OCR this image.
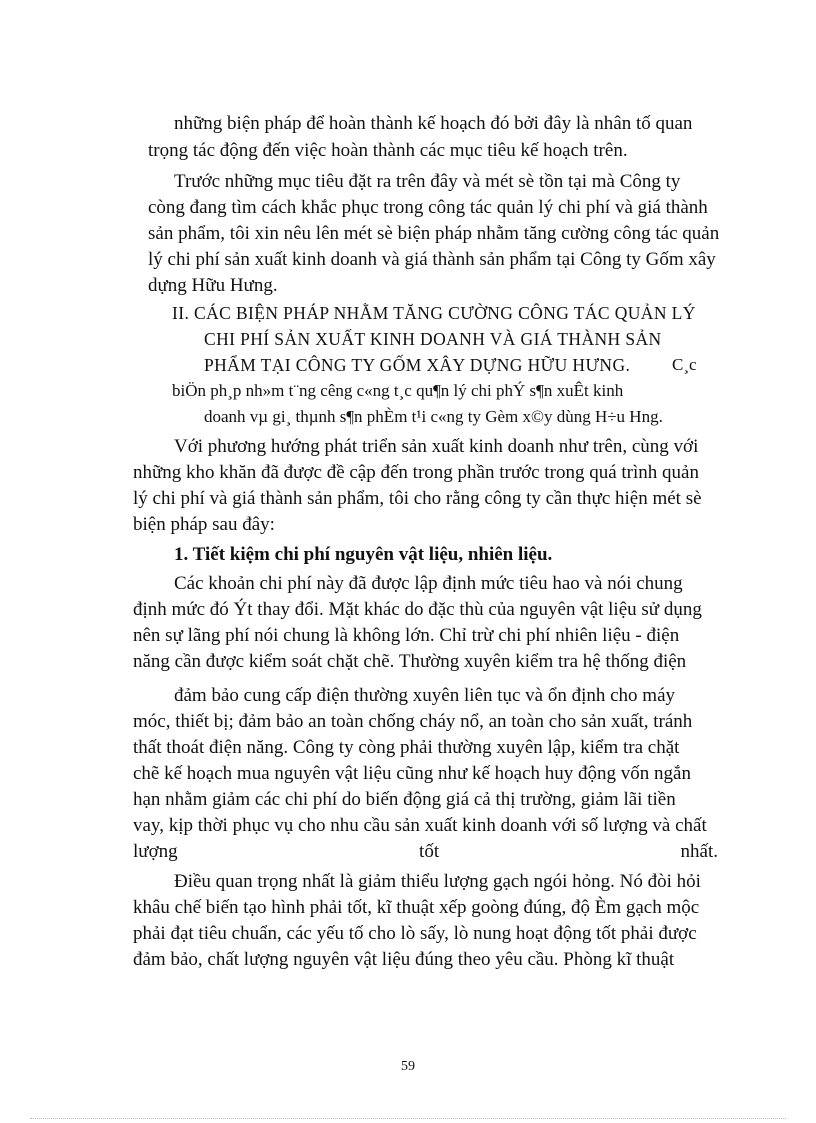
những biện pháp để hoàn thành kế hoạch đó bởi đây là nhân tố quan
trọng tác động đến việc hoàn thành các mục tiêu kế hoạch trên.
Trước những mục tiêu đặt ra trên đây và mét sè tồn tại mà Công ty
còng đang tìm cách khắc phục trong công tác quản lý chi phí và giá thành
sản phẩm, tôi xin nêu lên mét sè biện pháp nhằm tăng cường công tác quản
lý chi phí sản xuất kinh doanh và giá thành sản phẩm tại Công ty Gốm xây
dựng Hữu Hưng.
II. CÁC BIỆN PHÁP NHẰM TĂNG CƯỜNG CÔNG TÁC QUẢN LÝ
CHI PHÍ SẢN XUẤT KINH DOANH VÀ GIÁ THÀNH SẢN
PHẨM TẠI CÔNG TY GỐM XÂY DỰNG HỮU HƯNG. C¸c
biÖn ph¸p nh»m t¨ng cêng c«ng t¸c qu¶n lý chi phÝ s¶n xuÊt kinh
doanh vµ gi¸ thµnh s¶n phÈm t¹i c«ng ty Gèm x©y dùng H÷u Hng.
Với phương hướng phát triển sản xuất kinh doanh như trên, cùng với
những kho khăn đã được đề cập đến trong phần trước trong quá trình quản
lý chi phí và giá thành sản phẩm, tôi cho rằng công ty cần thực hiện mét sè
biện pháp sau đây:
1. Tiết kiệm chi phí nguyên vật liệu, nhiên liệu.
Các khoản chi phí này đã được lập định mức tiêu hao và nói chung
định mức đó Ýt thay đổi. Mặt khác do đặc thù của nguyên vật liệu sử dụng
nên sự lãng phí nói chung là không lớn. Chỉ trừ chi phí nhiên liệu - điện
năng cần được kiểm soát chặt chẽ. Thường xuyên kiểm tra hệ thống điện
đảm bảo cung cấp điện thường xuyên liên tục và ổn định cho máy
móc, thiết bị; đảm bảo an toàn chống cháy nổ, an toàn cho sản xuất, tránh
thất thoát điện năng. Công ty còng phải thường xuyên lập, kiểm tra chặt
chẽ kế hoạch mua nguyên vật liệu cũng như kế hoạch huy động vốn ngắn
hạn nhằm giảm các chi phí do biến động giá cả thị trường, giảm lãi tiền
vay, kịp thời phục vụ cho nhu cầu sản xuất kinh doanh với số lượng và chất
lượng	tốt	nhất.
Điều quan trọng nhất là giảm thiểu lượng gạch ngói hỏng. Nó đòi hỏi
khâu chế biến tạo hình phải tốt, kĩ thuật xếp goòng đúng, độ Èm gạch mộc
phải đạt tiêu chuẩn, các yếu tố cho lò sấy, lò nung hoạt động tốt phải được
đảm bảo, chất lượng nguyên vật liệu đúng theo yêu cầu. Phòng kĩ thuật
59
